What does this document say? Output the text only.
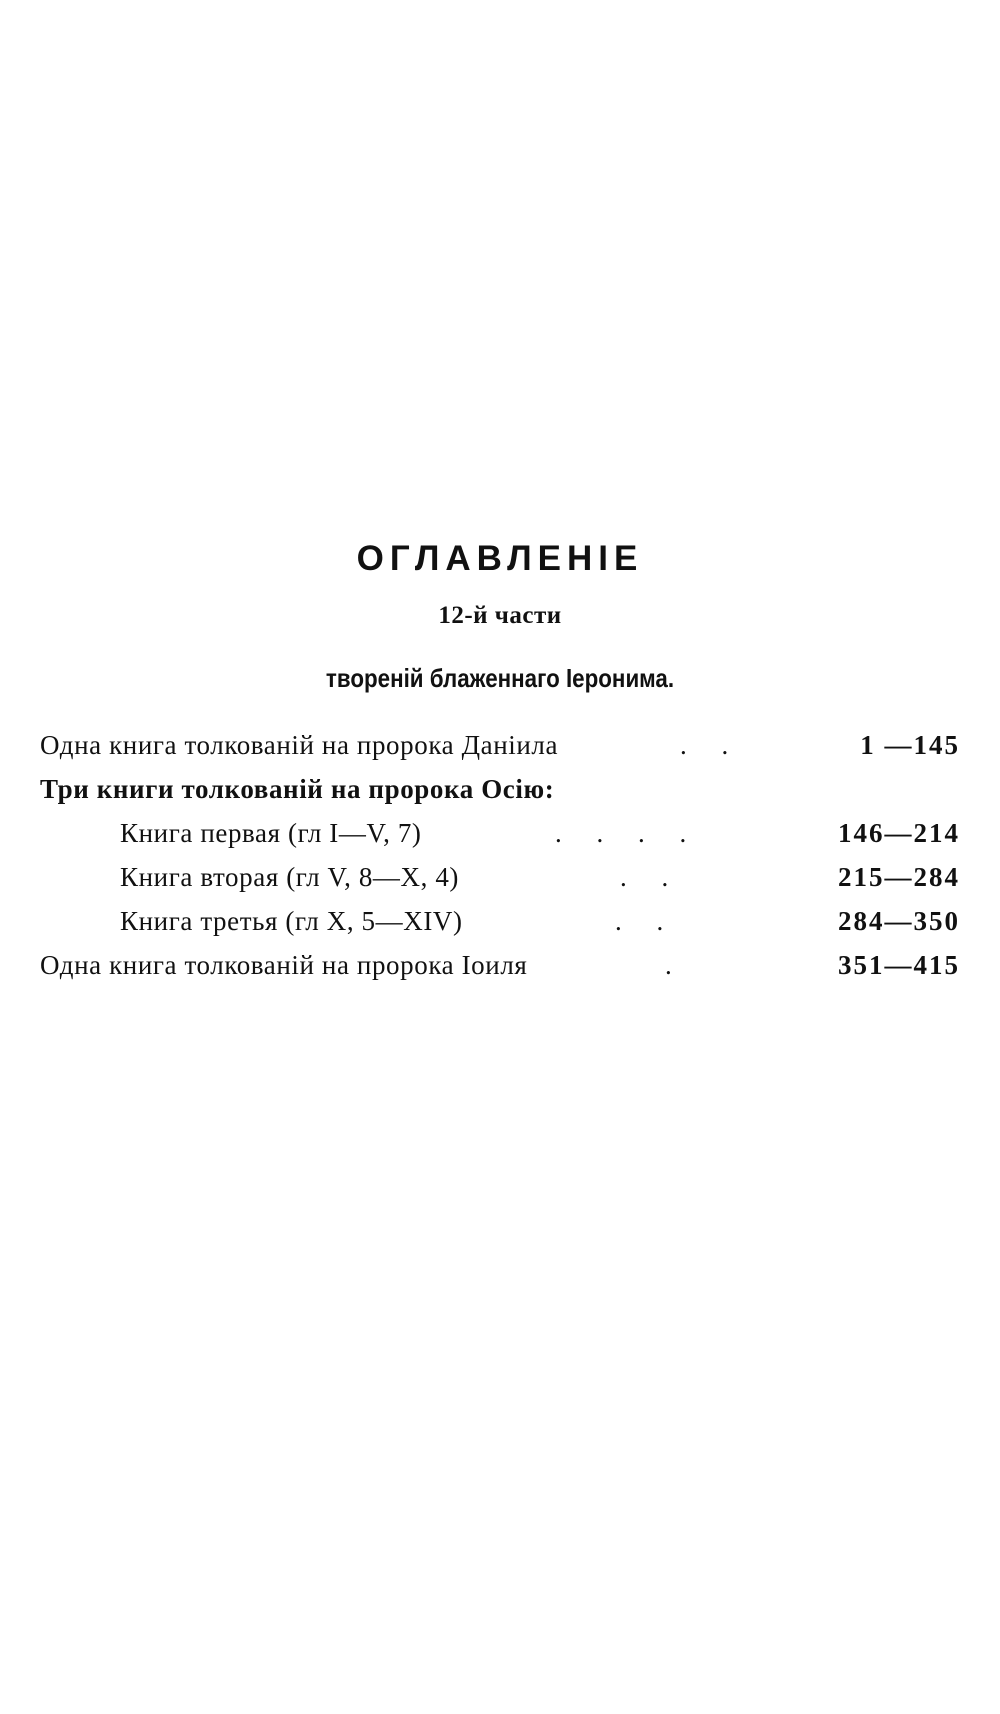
ОГЛАВЛЕНІЕ
12-й части
твореній блаженнаго Іеронима.
Одна книга толкованій на пророка Даніила	. .	1 —145
Три книги толкованій на пророка Осію:
Книга первая (гл I—V, 7)	. . . .	146—214
Книга вторая (гл V, 8—X, 4)	. .	215—284
Книга третья (гл X, 5—XIV)	. .	284—350
Одна книга толкованій на пророка Іоиля	.	351—415
